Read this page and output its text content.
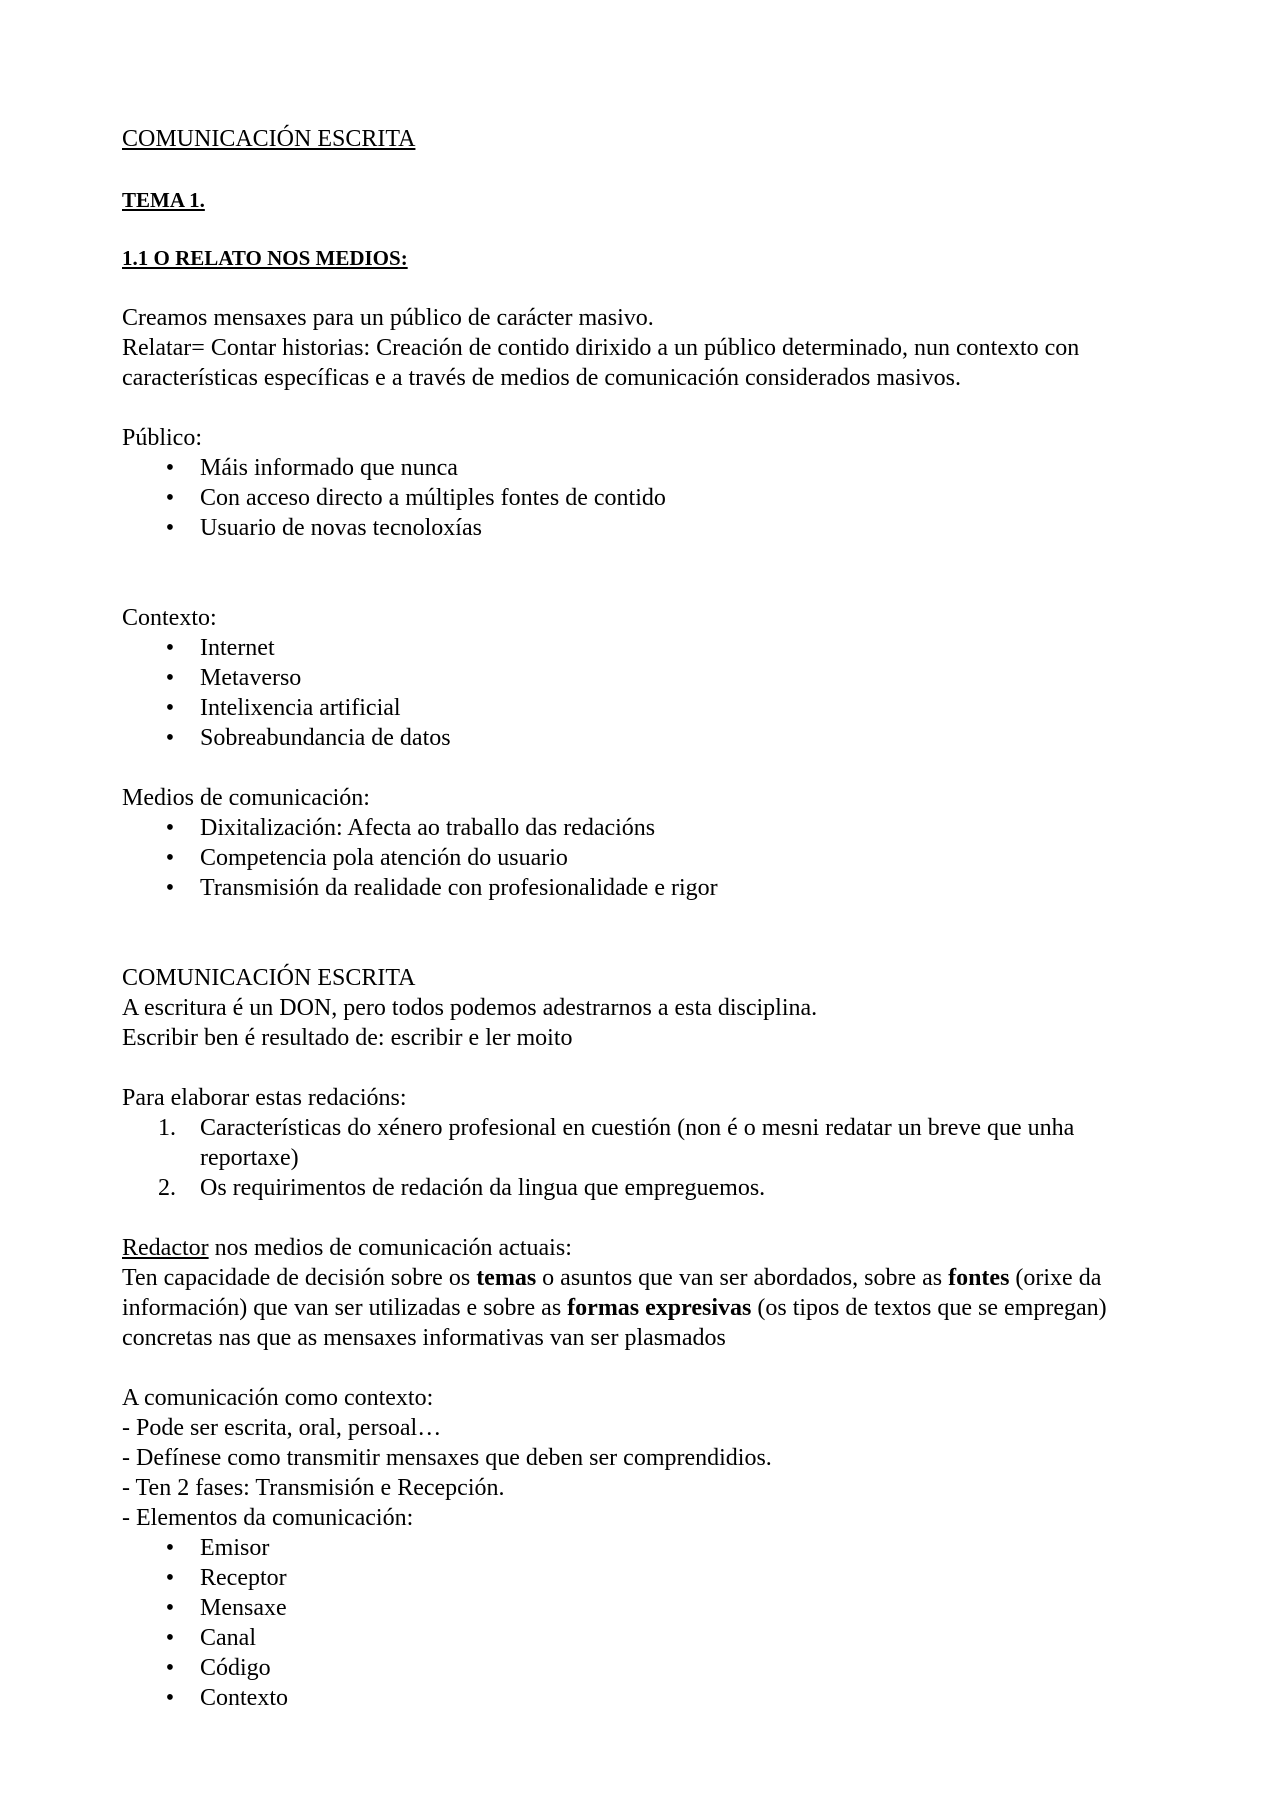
COMUNICACIÓN ESCRITA

TEMA 1.

1.1 O RELATO NOS MEDIOS:

Creamos mensaxes para un público de carácter masivo.

Relatar= Contar historias: Creación de contido dirixido a un público determinado, nun contexto con características específicas e a través de medios de comunicación considerados masivos.

Público:

• Máis informado que nunca
• Con acceso directo a múltiples fontes de contido
• Usuario de novas tecnoloxías

Contexto:

• Internet
• Metaverso
• Intelixencia artificial
• Sobreabundancia de datos

Medios de comunicación:

• Dixitalización: Afecta ao traballo das redacións
• Competencia pola atención do usuario
• Transmisión da realidade con profesionalidade e rigor

COMUNICACIÓN ESCRITA

A escritura é un DON, pero todos podemos adestrarnos a esta disciplina.

Escribir ben é resultado de: escribir e ler moito

Para elaborar estas redacións:

1.	Características do xénero profesional en cuestión (non é o mesni redatar un breve que unha reportaxe)
2.	Os requirimentos de redación da lingua que empreguemos.

Redactor nos medios de comunicación actuais:

Ten capacidade de decisión sobre os temas o asuntos que van ser abordados, sobre as fontes (orixe da información) que van ser utilizadas e sobre as formas expresivas (os tipos de textos que se empregan) concretas nas que as mensaxes informativas van ser plasmados

A comunicación como contexto:

- Pode ser escrita, oral, persoal…

- Defínese como transmitir mensaxes que deben ser comprendidios.

- Ten 2 fases: Transmisión e Recepción.

- Elementos da comunicación:

• Emisor
• Receptor
• Mensaxe
• Canal
• Código
• Contexto
